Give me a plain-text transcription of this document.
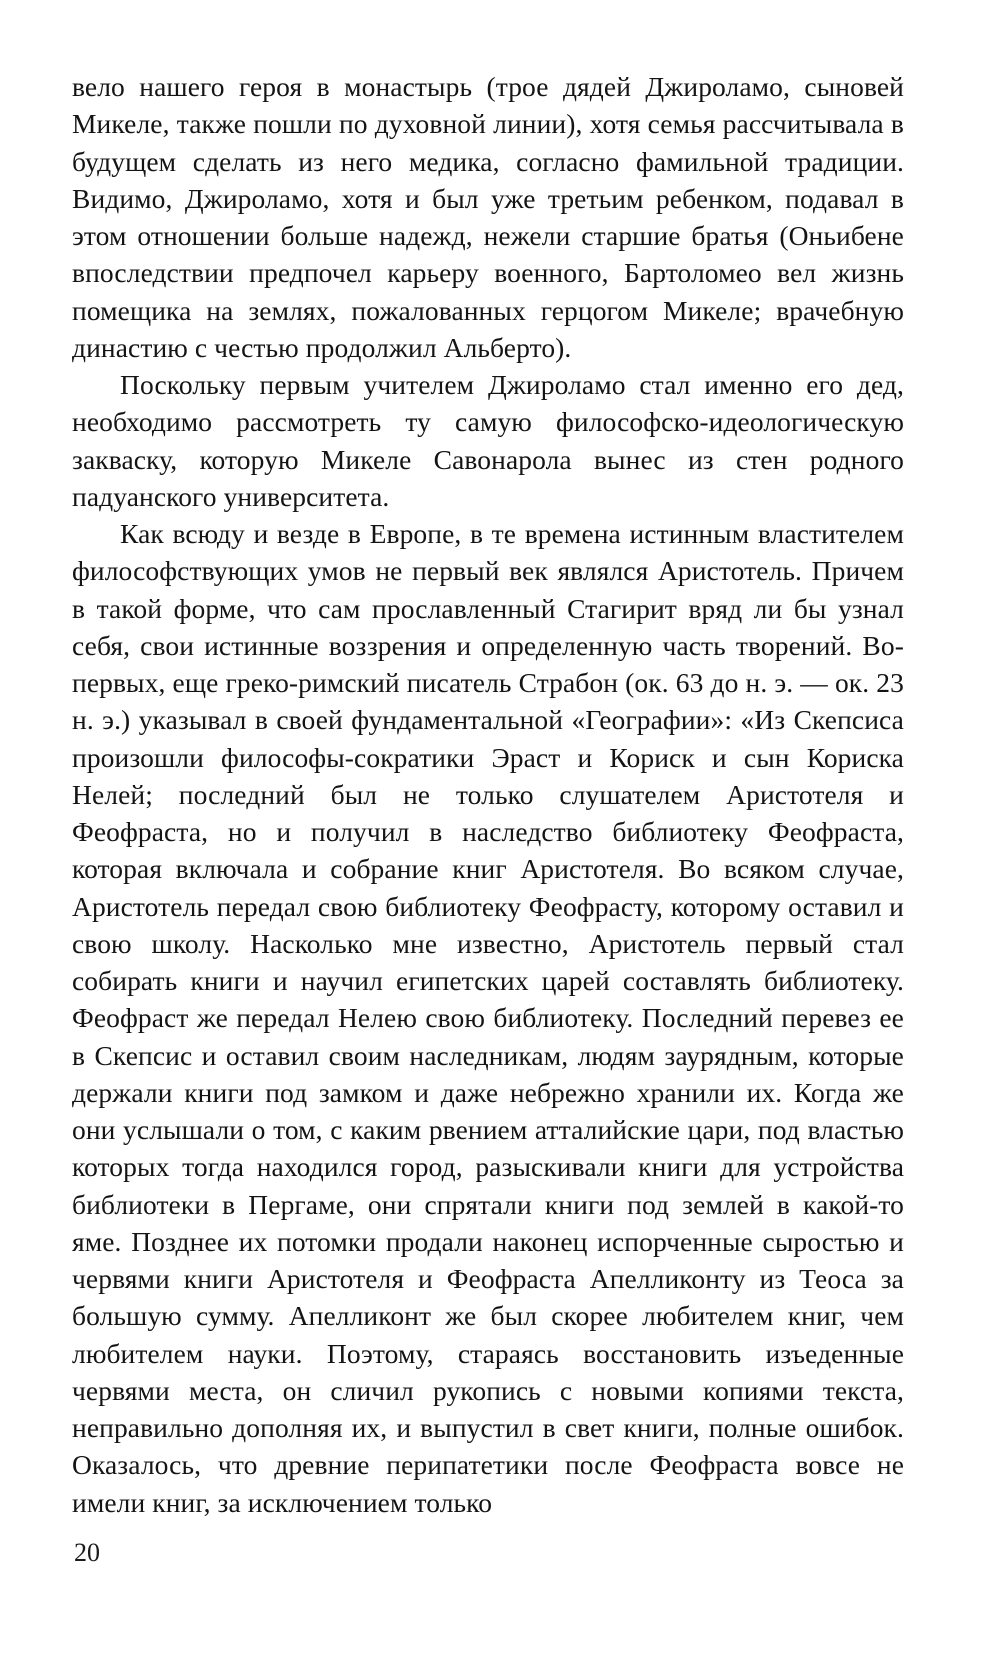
вело нашего героя в монастырь (трое дядей Джироламо, сыновей Микеле, также пошли по духовной линии), хотя семья рассчитывала в будущем сделать из него медика, согласно фамильной традиции. Видимо, Джироламо, хотя и был уже третьим ребенком, подавал в этом отношении больше надежд, нежели старшие братья (Оньибене впоследствии предпочел карьеру военного, Бартоломео вел жизнь помещика на землях, пожалованных герцогом Микеле; врачебную династию с честью продолжил Альберто).

Поскольку первым учителем Джироламо стал именно его дед, необходимо рассмотреть ту самую философско-идеологическую закваску, которую Микеле Савонарола вынес из стен родного падуанского университета.

Как всюду и везде в Европе, в те времена истинным властителем философствующих умов не первый век являлся Аристотель. Причем в такой форме, что сам прославленный Стагирит вряд ли бы узнал себя, свои истинные воззрения и определенную часть творений. Во-первых, еще греко-римский писатель Страбон (ок. 63 до н. э. — ок. 23 н. э.) указывал в своей фундаментальной «Географии»: «Из Скепсиса произошли философы-сократики Эраст и Кориск и сын Кориска Нелей; последний был не только слушателем Аристотеля и Феофраста, но и получил в наследство библиотеку Феофраста, которая включала и собрание книг Аристотеля. Во всяком случае, Аристотель передал свою библиотеку Феофрасту, которому оставил и свою школу. Насколько мне известно, Аристотель первый стал собирать книги и научил египетских царей составлять библиотеку. Феофраст же передал Нелею свою библиотеку. Последний перевез ее в Скепсис и оставил своим наследникам, людям заурядным, которые держали книги под замком и даже небрежно хранили их. Когда же они услышали о том, с каким рвением атталийские цари, под властью которых тогда находился город, разыскивали книги для устройства библиотеки в Пергаме, они спрятали книги под землей в какой-то яме. Позднее их потомки продали наконец испорченные сыростью и червями книги Аристотеля и Феофраста Апелликонту из Теоса за большую сумму. Апелликонт же был скорее любителем книг, чем любителем науки. Поэтому, стараясь восстановить изъеденные червями места, он сличил рукопись с новыми копиями текста, неправильно дополняя их, и выпустил в свет книги, полные ошибок. Оказалось, что древние перипатетики после Феофраста вовсе не имели книг, за исключением только

20
